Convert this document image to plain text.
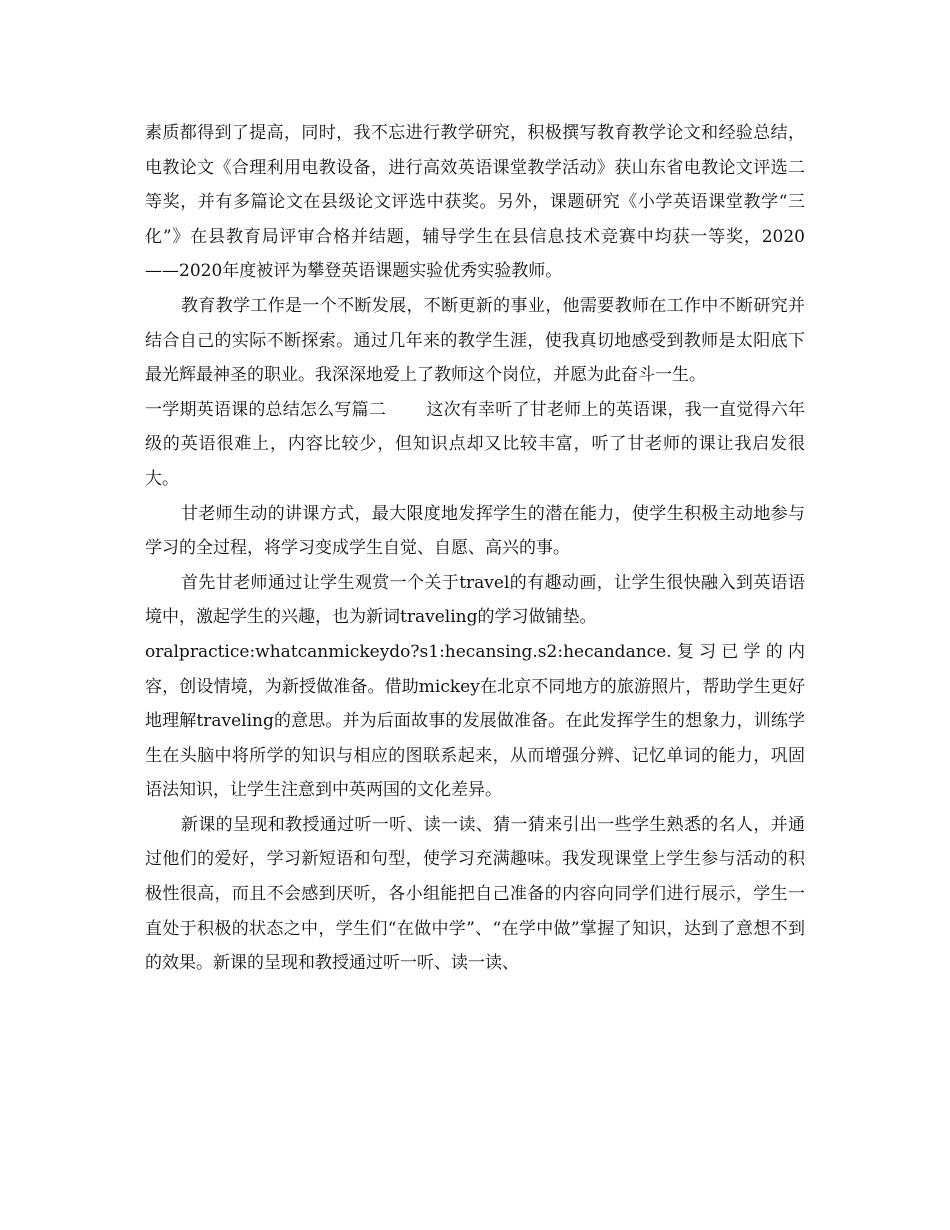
素质都得到了提高，同时，我不忘进行教学研究，积极撰写教育教学论文和经验总结，电教论文《合理利用电教设备，进行高效英语课堂教学活动》获山东省电教论文评选二等奖，并有多篇论文在县级论文评选中获奖。另外，课题研究《小学英语课堂教学“三化”》在县教育局评审合格并结题，辅导学生在县信息技术竞赛中均获一等奖，2020——2020年度被评为攀登英语课题实验优秀实验教师。

教育教学工作是一个不断发展，不断更新的事业，他需要教师在工作中不断研究并结合自己的实际不断探索。通过几年来的教学生涯，使我真切地感受到教师是太阳底下最光辉最神圣的职业。我深深地爱上了教师这个岗位，并愿为此奋斗一生。

一学期英语课的总结怎么写篇二 这次有幸听了甘老师上的英语课，我一直觉得六年级的英语很难上，内容比较少，但知识点却又比较丰富，听了甘老师的课让我启发很大。

甘老师生动的讲课方式，最大限度地发挥学生的潜在能力，使学生积极主动地参与学习的全过程，将学习变成学生自觉、自愿、高兴的事。

首先甘老师通过让学生观赏一个关于travel的有趣动画，让学生很快融入到英语语境中，激起学生的兴趣，也为新词traveling的学习做铺垫。

oralpractice:whatcanmickeydo?s1:hecansing.s2:hecandance.复习已学的内容，创设情境，为新授做准备。借助mickey在北京不同地方的旅游照片，帮助学生更好地理解traveling的意思。并为后面故事的发展做准备。在此发挥学生的想象力，训练学生在头脑中将所学的知识与相应的图联系起来，从而增强分辨、记忆单词的能力，巩固语法知识，让学生注意到中英两国的文化差异。

新课的呈现和教授通过听一听、读一读、猜一猜来引出一些学生熟悉的名人，并通过他们的爱好，学习新短语和句型，使学习充满趣味。我发现课堂上学生参与活动的积极性很高，而且不会感到厌听，各小组能把自己准备的内容向同学们进行展示，学生一直处于积极的状态之中，学生们“在做中学”、“在学中做”掌握了知识，达到了意想不到的效果。新课的呈现和教授通过听一听、读一读、
